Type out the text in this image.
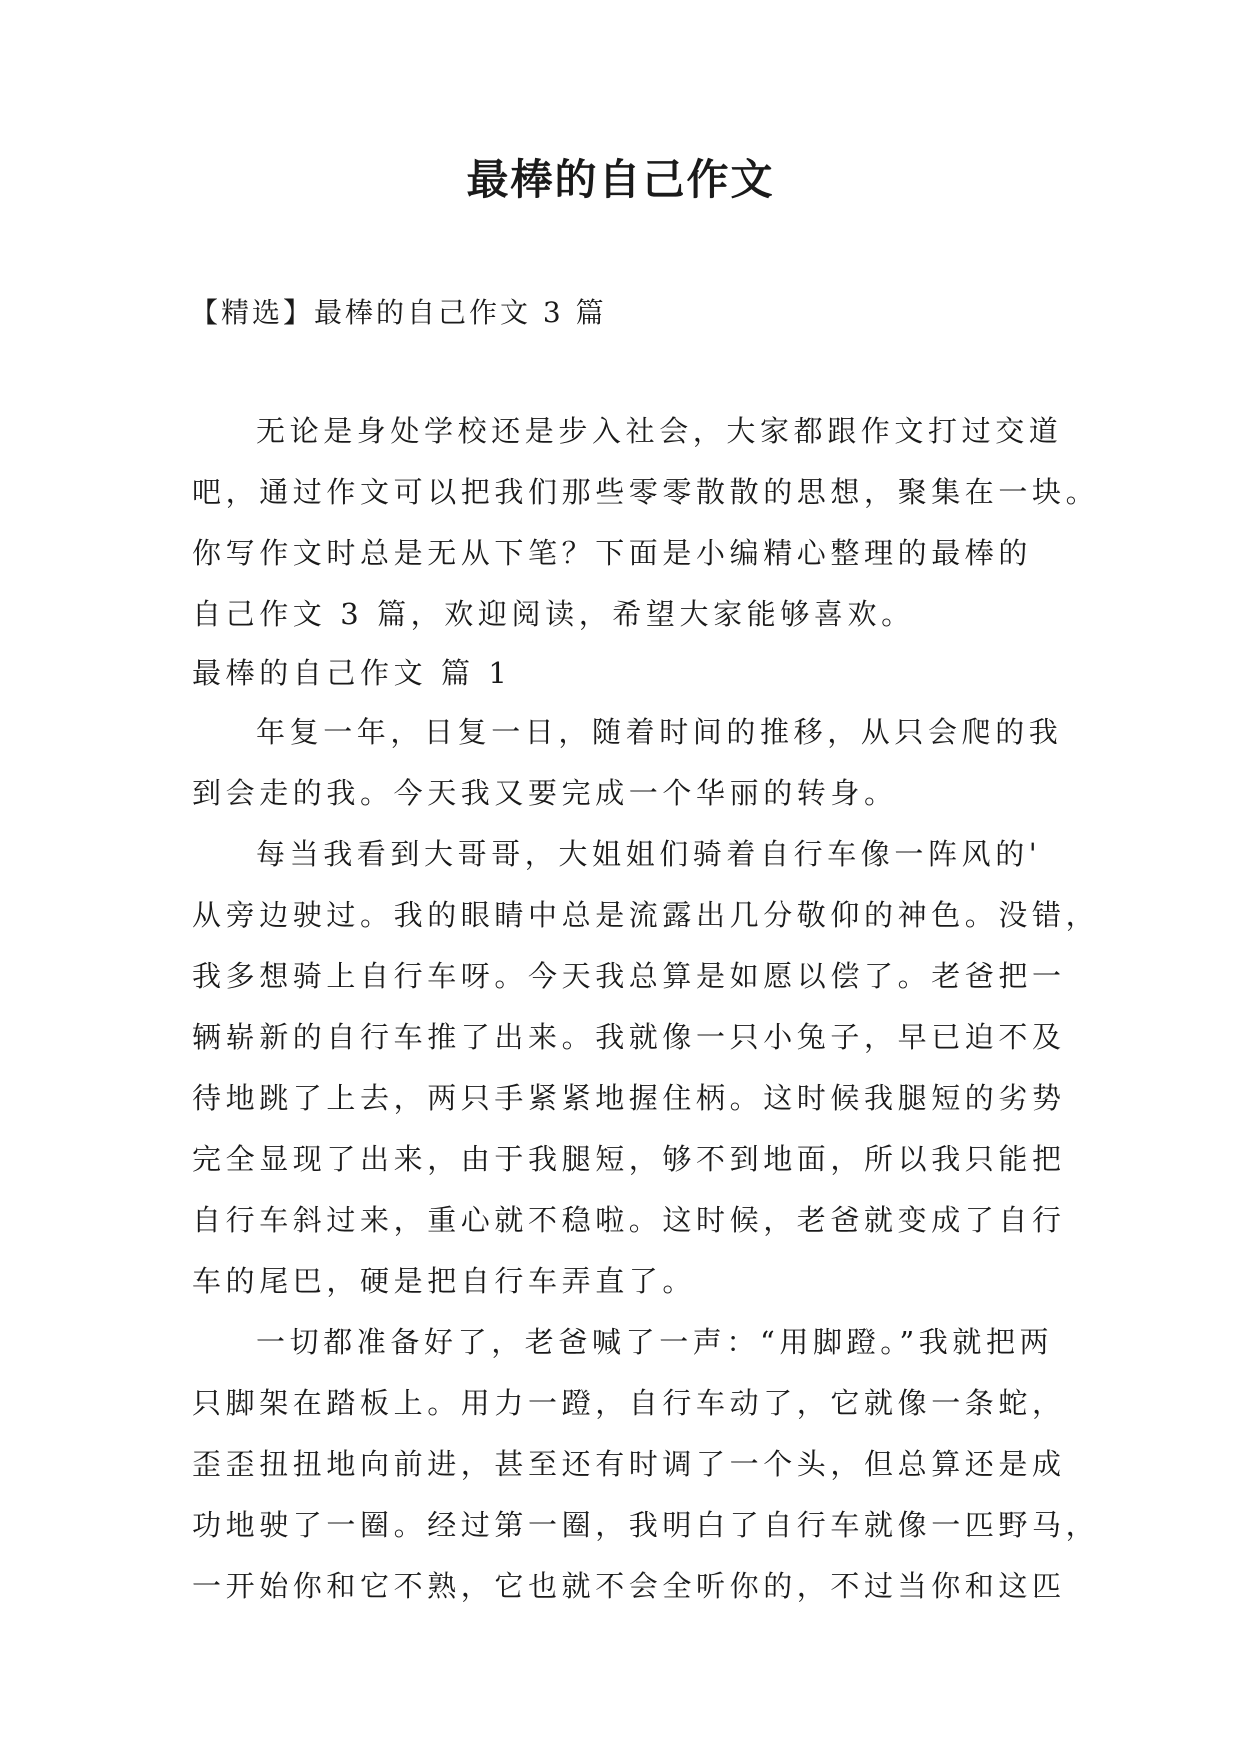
最棒的自己作文

【精选】最棒的自己作文 3 篇

无论是身处学校还是步入社会，大家都跟作文打过交道

吧，通过作文可以把我们那些零零散散的思想，聚集在一块。

你写作文时总是无从下笔？下面是小编精心整理的最棒的

自己作文 3 篇，欢迎阅读，希望大家能够喜欢。

最棒的自己作文 篇 1

年复一年，日复一日，随着时间的推移，从只会爬的我

到会走的我。今天我又要完成一个华丽的转身。

每当我看到大哥哥，大姐姐们骑着自行车像一阵风的'

从旁边驶过。我的眼睛中总是流露出几分敬仰的神色。没错，

我多想骑上自行车呀。今天我总算是如愿以偿了。老爸把一

辆崭新的自行车推了出来。我就像一只小兔子，早已迫不及

待地跳了上去，两只手紧紧地握住柄。这时候我腿短的劣势

完全显现了出来，由于我腿短，够不到地面，所以我只能把

自行车斜过来，重心就不稳啦。这时候，老爸就变成了自行

车的尾巴，硬是把自行车弄直了。

一切都准备好了，老爸喊了一声：“用脚蹬。”我就把两

只脚架在踏板上。用力一蹬，自行车动了，它就像一条蛇，

歪歪扭扭地向前进，甚至还有时调了一个头，但总算还是成

功地驶了一圈。经过第一圈，我明白了自行车就像一匹野马，

一开始你和它不熟，它也就不会全听你的，不过当你和这匹
